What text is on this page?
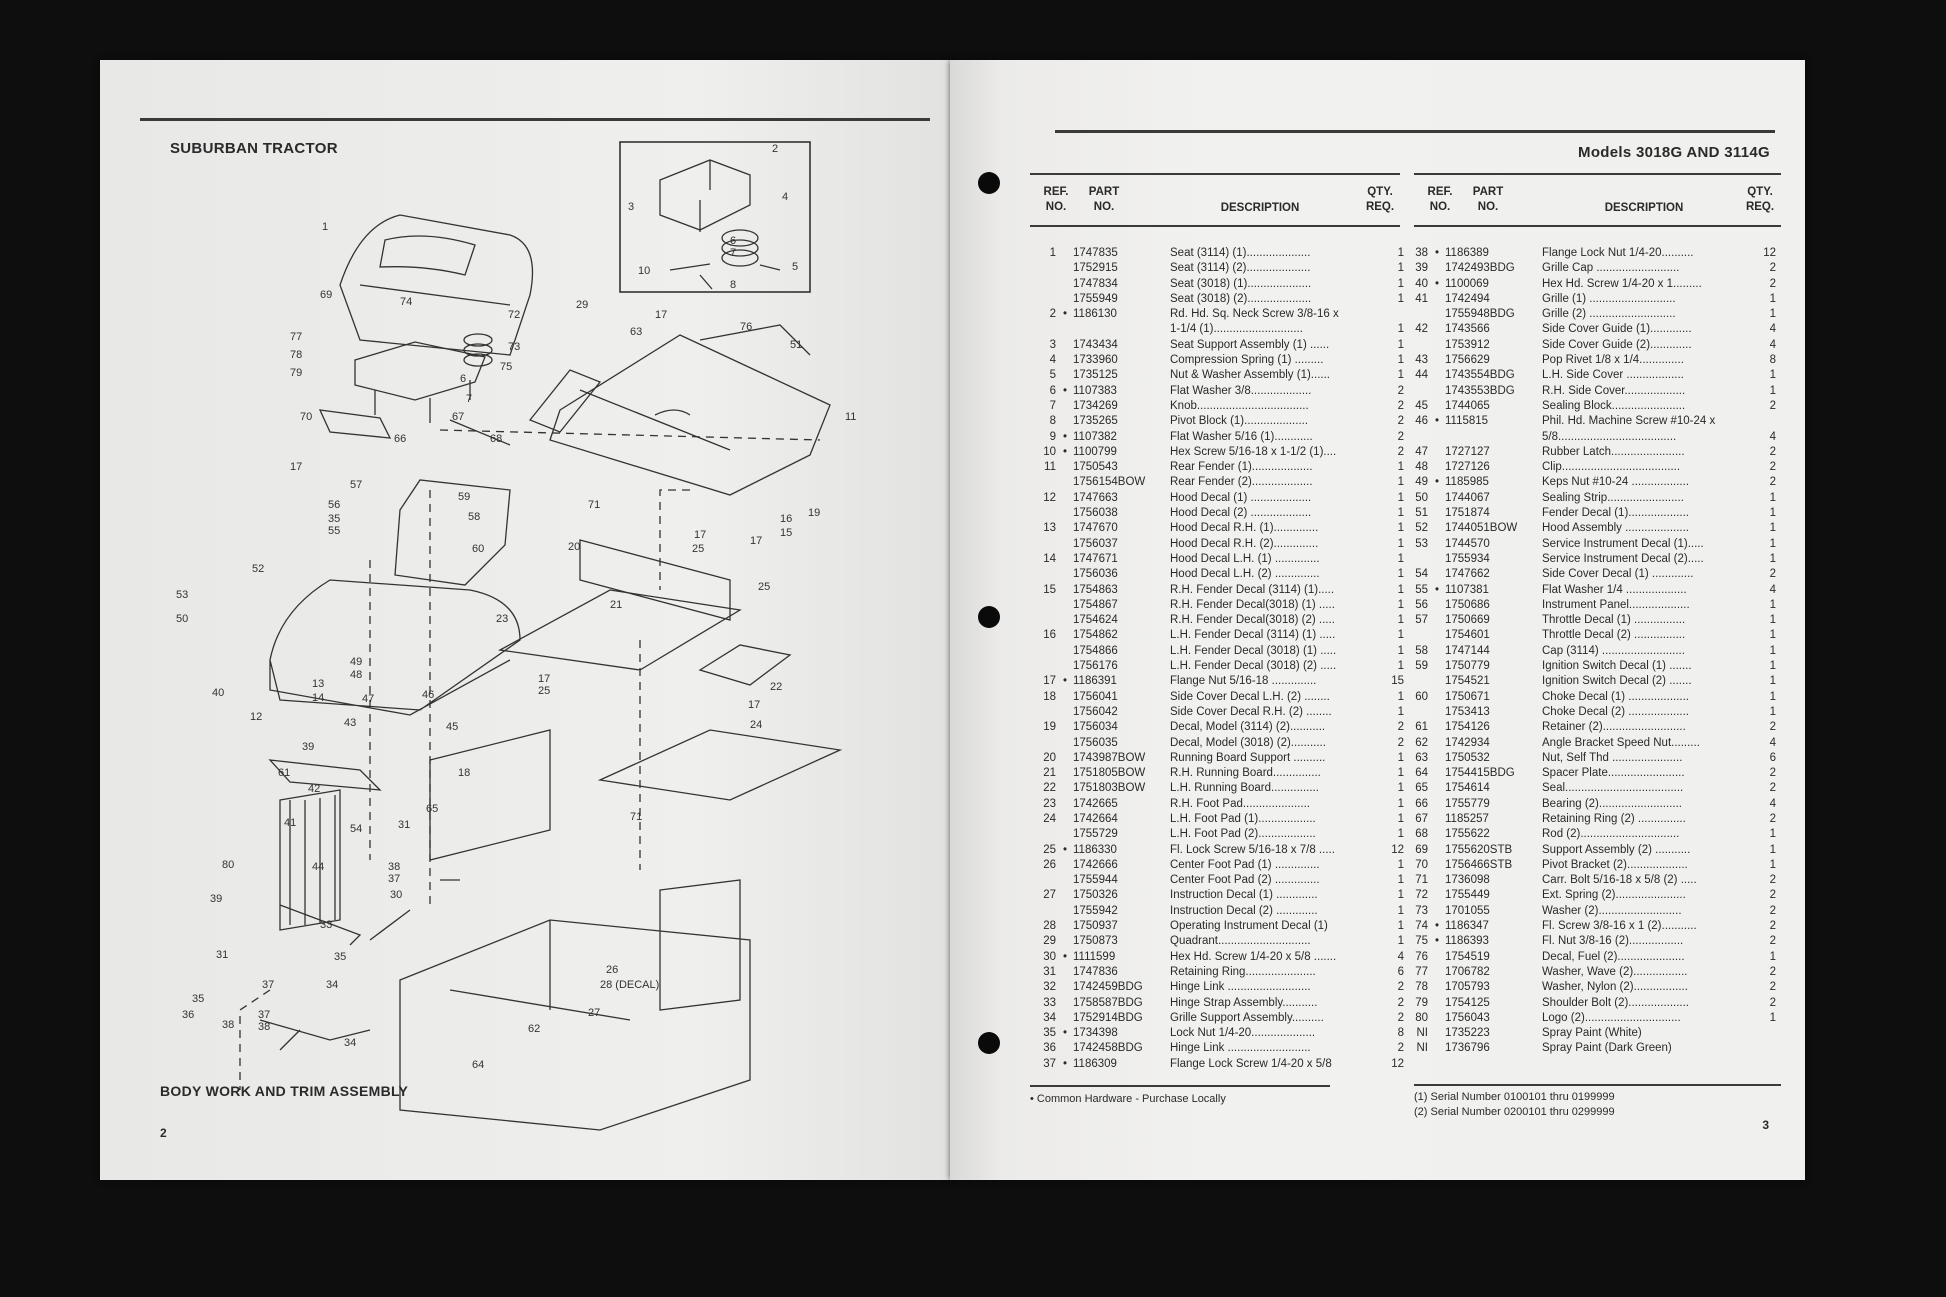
SUBURBAN TRACTOR
1
69
74
72
77
78
79
73
75
6
7
67
70
66	68
17
29
17
63	76
51
11
57
59
56
35
55
58
60
71
16
15
19
20
17
25
17
52
53
50
25
23
21
13
14
49
48
46
47
40
12	43	45
22
17
17
25
24
39
61
42
18
65
41	54
71
44
31
80	38
37
30
39
33
35
31
34
37
35
36
38
37
38
26
28 (DECAL)
27
62
34
64
2
3
4
5
8
10
6
7
BODY WORK AND TRIM ASSEMBLY
2
Models 3018G AND 3114G
REF. NO.
PART NO.	DESCRIPTION
QTY. REQ.
REF. NO.
PART NO.	DESCRIPTION
QTY. REQ.
1 1747835	Seat (3114) (1)....................	1
1752915	Seat (3114) (2)....................	1
1747834	Seat (3018) (1)....................	1
1755949	Seat (3018) (2)....................	1
2 • 1186130	Rd. Hd. Sq. Neck Screw 3/8-16 x
1-1/4 (1)............................	1
3 1743434	Seat Support Assembly (1) ......	1
4 1733960	Compression Spring (1) .........	1
5 1735125	Nut & Washer Assembly (1)......	1
6 • 1107383	Flat Washer 3/8...................	2
7 1734269	Knob...................................	2
8 1735265	Pivot Block (1)....................	2
9 • 1107382	Flat Washer 5/16 (1)............	2
10 • 1100799	Hex Screw 5/16-18 x 1-1/2 (1)....	2
11 1750543	Rear Fender (1)...................	1
1756154BOW Rear Fender (2)...................	1
12 1747663	Hood Decal (1) ...................	1
1756038	Hood Decal (2) ...................	1
13 1747670	Hood Decal R.H. (1)..............	1
1756037	Hood Decal R.H. (2)..............	1
14 1747671	Hood Decal L.H. (1) ..............	1
1756036	Hood Decal L.H. (2) ..............	1
15 1754863	R.H. Fender Decal (3114) (1).....	1
1754867	R.H. Fender Decal(3018) (1) .....	1
1754624	R.H. Fender Decal(3018) (2) .....	1
16 1754862	L.H. Fender Decal (3114) (1) .....	1
1754866	L.H. Fender Decal (3018) (1) .....	1
1756176	L.H. Fender Decal (3018) (2) .....	1
17 • 1186391	Flange Nut 5/16-18 ..............	15
18 1756041	Side Cover Decal L.H. (2) ........	1
1756042	Side Cover Decal R.H. (2) ........	1
19 1756034	Decal, Model (3114) (2)...........	2
1756035	Decal, Model (3018) (2)...........	2
20 1743987BOW Running Board Support ..........	1
21 1751805BOW R.H. Running Board...............	1
22 1751803BOW L.H. Running Board...............	1
23 1742665	R.H. Foot Pad.....................	1
24 1742664	L.H. Foot Pad (1)..................	1
1755729	L.H. Foot Pad (2)..................	1
25 • 1186330	Fl. Lock Screw 5/16-18 x 7/8 .....	12
26 1742666	Center Foot Pad (1) ..............	1
1755944	Center Foot Pad (2) ..............	1
27 1750326	Instruction Decal (1) .............	1
1755942	Instruction Decal (2) .............	1
28 1750937	Operating Instrument Decal (1)	1
29 1750873	Quadrant.............................	1
30 • 1111599	Hex Hd. Screw 1/4-20 x 5/8 .......	4
31 1747836	Retaining Ring......................	6
32 1742459BDG Hinge Link ..........................	2
33 1758587BDG Hinge Strap Assembly...........	2
34 1752914BDG Grille Support Assembly..........	2
35 • 1734398	Lock Nut 1/4-20....................	8
36 1742458BDG Hinge Link ..........................	2
37 • 1186309	Flange Lock Screw 1/4-20 x 5/8	12
38 • 1186389	Flange Lock Nut 1/4-20..........	12
39 1742493BDG Grille Cap ..........................	2
40 • 1100069	Hex Hd. Screw 1/4-20 x 1.........	2
41 1742494	Grille (1) ...........................	1
1755948BDG Grille (2) ...........................	1
42 1743566	Side Cover Guide (1).............	4
1753912	Side Cover Guide (2).............	4
43 1756629	Pop Rivet 1/8 x 1/4..............	8
44 1743554BDG L.H. Side Cover ..................	1
1743553BDG R.H. Side Cover...................	1
45 1744065	Sealing Block.......................	2
46 • 1115815	Phil. Hd. Machine Screw #10-24 x
5/8.....................................	4
47 1727127	Rubber Latch.......................	2
48 1727126	Clip.....................................	2
49 • 1185985	Keps Nut #10-24 ..................	2
50 1744067	Sealing Strip........................	1
51 1751874	Fender Decal (1)...................	1
52 1744051BOW Hood Assembly ....................	1
53 1744570	Service Instrument Decal (1).....	1
1755934	Service Instrument Decal (2).....	1
54 1747662	Side Cover Decal (1) .............	2
55 • 1107381	Flat Washer 1/4 ...................	4
56 1750686	Instrument Panel...................	1
57 1750669	Throttle Decal (1) ................	1
1754601	Throttle Decal (2) ................	1
58 1747144	Cap (3114) ..........................	1
59 1750779	Ignition Switch Decal (1) .......	1
1754521	Ignition Switch Decal (2) .......	1
60 1750671	Choke Decal (1) ...................	1
1753413	Choke Decal (2) ...................	1
61 1754126	Retainer (2)..........................	2
62 1742934	Angle Bracket Speed Nut.........	4
63 1750532	Nut, Self Thd ......................	6
64 1754415BDG Spacer Plate........................	2
65 1754614	Seal.....................................	2
66 1755779	Bearing (2)..........................	4
67 1185257	Retaining Ring (2) ...............	2
68 1755622	Rod (2)...............................	1
69 1755620STB	Support Assembly (2) ...........	1
70 1756466STB	Pivot Bracket (2)...................	1
71 1736098	Carr. Bolt 5/16-18 x 5/8 (2) .....	2
72 1755449	Ext. Spring (2)......................	2
73 1701055	Washer (2)..........................	2
74 • 1186347	Fl. Screw 3/8-16 x 1 (2)...........	2
75 • 1186393	Fl. Nut 3/8-16 (2).................	2
76 1754519	Decal, Fuel (2).....................	1
77 1706782	Washer, Wave (2).................	2
78 1705793	Washer, Nylon (2).................	2
79 1754125	Shoulder Bolt (2)...................	2
80 1756043	Logo (2)..............................	1
NI 1735223	Spray Paint (White)
NI 1736796	Spray Paint (Dark Green)
• Common Hardware - Purchase Locally	(1) Serial Number 0100101 thru 0199999
(2) Serial Number 0200101 thru 0299999
3
